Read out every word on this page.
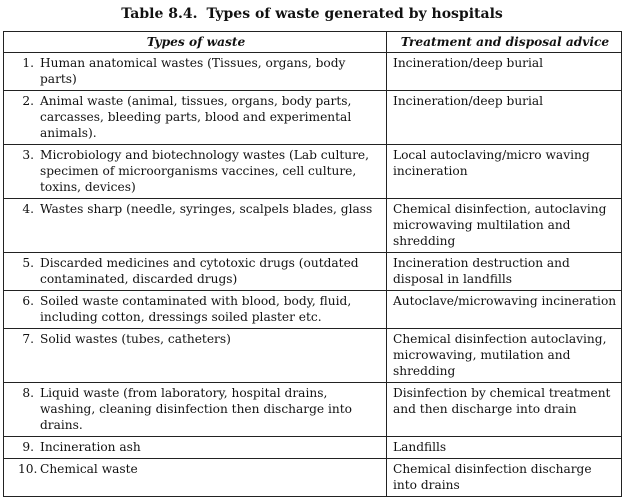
Table 8.4. Types of waste generated by hospitals
Types of waste	Treatment and disposal advice

1. Human anatomical wastes (Tissues, organs, body parts)	Incineration/deep burial

2. Animal waste (animal, tissues, organs, body parts, carcasses, bleeding parts, blood and experimental animals).	Incineration/deep burial

3. Microbiology and biotechnology wastes (Lab culture, specimen of microorganisms vaccines, cell culture, toxins, devices)	Local autoclaving/micro waving incineration

4. Wastes sharp (needle, syringes, scalpels blades, glass	Chemical disinfection, autoclaving microwaving multilation and shredding

5. Discarded medicines and cytotoxic drugs (outdated contaminated, discarded drugs)	Incineration destruction and disposal in landfills

6. Soiled waste contaminated with blood, body, fluid, including cotton, dressings soiled plaster etc.	Autoclave/microwaving incineration

7. Solid wastes (tubes, catheters)	Chemical disinfection autoclaving, microwaving, mutilation and shredding

8. Liquid waste (from laboratory, hospital drains, washing, cleaning disinfection then discharge into drains.	Disinfection by chemical treatment and then discharge into drain

9. Incineration ash	Landfills

10. Chemical waste	Chemical disinfection discharge into drains
